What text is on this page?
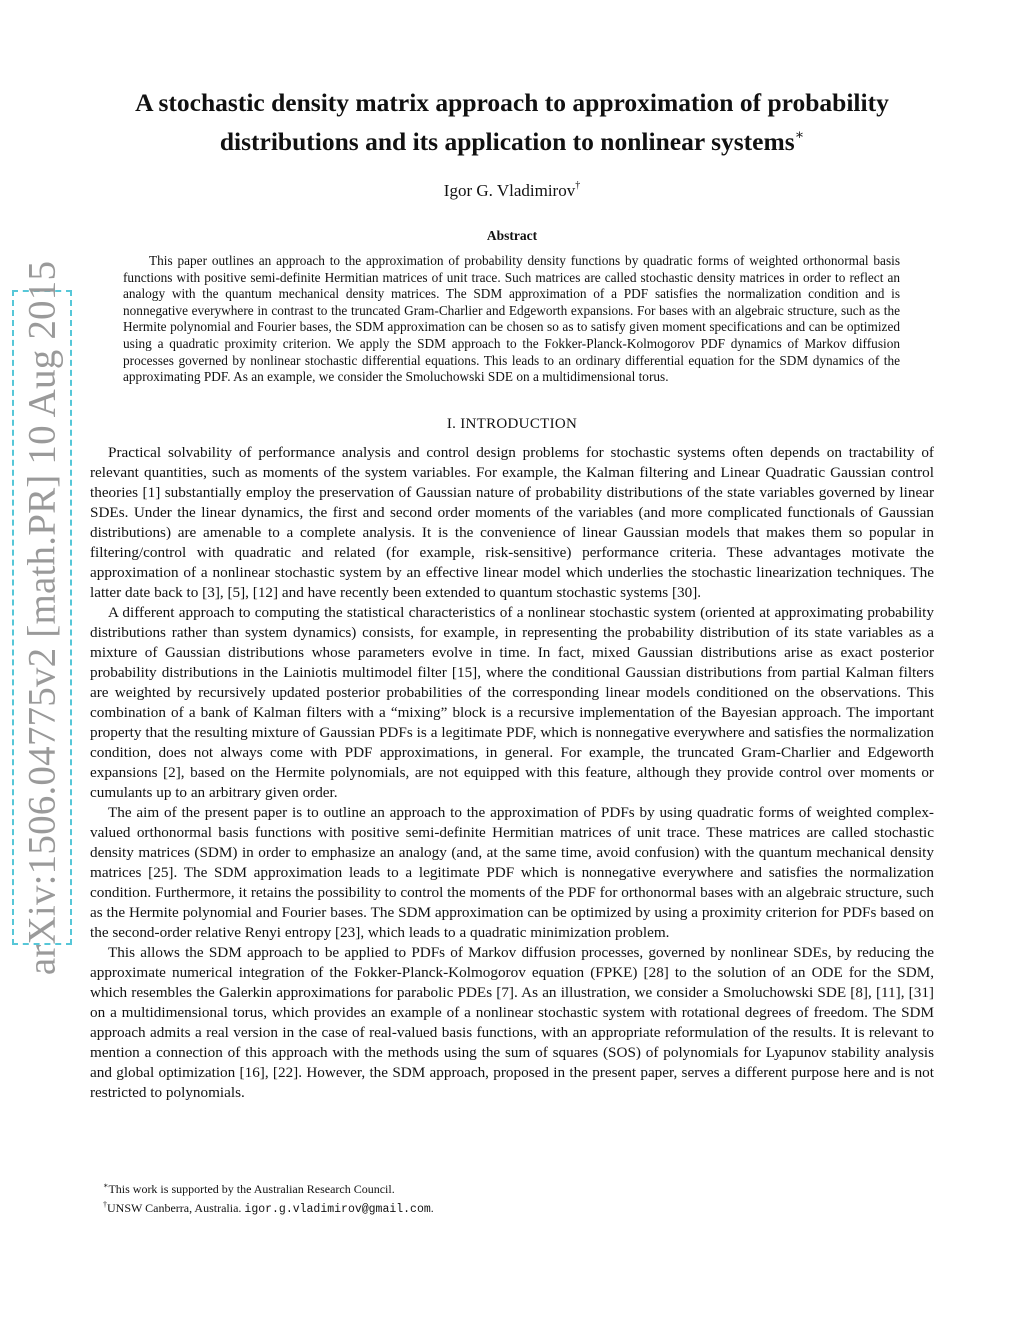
arXiv:1506.04775v2 [math.PR] 10 Aug 2015
A stochastic density matrix approach to approximation of probability distributions and its application to nonlinear systems∗
Igor G. Vladimirov†
Abstract

This paper outlines an approach to the approximation of probability density functions by quadratic forms of weighted orthonormal basis functions with positive semi-definite Hermitian matrices of unit trace. Such matrices are called stochastic density matrices in order to reflect an analogy with the quantum mechanical density matrices. The SDM approximation of a PDF satisfies the normalization condition and is nonnegative everywhere in contrast to the truncated Gram-Charlier and Edgeworth expansions. For bases with an algebraic structure, such as the Hermite polynomial and Fourier bases, the SDM approximation can be chosen so as to satisfy given moment specifications and can be optimized using a quadratic proximity criterion. We apply the SDM approach to the Fokker-Planck-Kolmogorov PDF dynamics of Markov diffusion processes governed by nonlinear stochastic differential equations. This leads to an ordinary differential equation for the SDM dynamics of the approximating PDF. As an example, we consider the Smoluchowski SDE on a multidimensional torus.

I. INTRODUCTION

Practical solvability of performance analysis and control design problems for stochastic systems often depends on tractability of relevant quantities, such as moments of the system variables. For example, the Kalman filtering and Linear Quadratic Gaussian control theories [1] substantially employ the preservation of Gaussian nature of probability distributions of the state variables governed by linear SDEs. Under the linear dynamics, the first and second order moments of the variables (and more complicated functionals of Gaussian distributions) are amenable to a complete analysis. It is the convenience of linear Gaussian models that makes them so popular in filtering/control with quadratic and related (for example, risk-sensitive) performance criteria. These advantages motivate the approximation of a nonlinear stochastic system by an effective linear model which underlies the stochastic linearization techniques. The latter date back to [3], [5], [12] and have recently been extended to quantum stochastic systems [30].

A different approach to computing the statistical characteristics of a nonlinear stochastic system (oriented at approximating probability distributions rather than system dynamics) consists, for example, in representing the probability distribution of its state variables as a mixture of Gaussian distributions whose parameters evolve in time. In fact, mixed Gaussian distributions arise as exact posterior probability distributions in the Lainiotis multimodel filter [15], where the conditional Gaussian distributions from partial Kalman filters are weighted by recursively updated posterior probabilities of the corresponding linear models conditioned on the observations. This combination of a bank of Kalman filters with a “mixing” block is a recursive implementation of the Bayesian approach. The important property that the resulting mixture of Gaussian PDFs is a legitimate PDF, which is nonnegative everywhere and satisfies the normalization condition, does not always come with PDF approximations, in general. For example, the truncated Gram-Charlier and Edgeworth expansions [2], based on the Hermite polynomials, are not equipped with this feature, although they provide control over moments or cumulants up to an arbitrary given order.

The aim of the present paper is to outline an approach to the approximation of PDFs by using quadratic forms of weighted complex-valued orthonormal basis functions with positive semi-definite Hermitian matrices of unit trace. These matrices are called stochastic density matrices (SDM) in order to emphasize an analogy (and, at the same time, avoid confusion) with the quantum mechanical density matrices [25]. The SDM approximation leads to a legitimate PDF which is nonnegative everywhere and satisfies the normalization condition. Furthermore, it retains the possibility to control the moments of the PDF for orthonormal bases with an algebraic structure, such as the Hermite polynomial and Fourier bases. The SDM approximation can be optimized by using a proximity criterion for PDFs based on the second-order relative Renyi entropy [23], which leads to a quadratic minimization problem.

This allows the SDM approach to be applied to PDFs of Markov diffusion processes, governed by nonlinear SDEs, by reducing the approximate numerical integration of the Fokker-Planck-Kolmogorov equation (FPKE) [28] to the solution of an ODE for the SDM, which resembles the Galerkin approximations for parabolic PDEs [7]. As an illustration, we consider a Smoluchowski SDE [8], [11], [31] on a multidimensional torus, which provides an example of a nonlinear stochastic system with rotational degrees of freedom. The SDM approach admits a real version in the case of real-valued basis functions, with an appropriate reformulation of the results. It is relevant to mention a connection of this approach with the methods using the sum of squares (SOS) of polynomials for Lyapunov stability analysis and global optimization [16], [22]. However, the SDM approach, proposed in the present paper, serves a different purpose here and is not restricted to polynomials.

∗This work is supported by the Australian Research Council.

†UNSW Canberra, Australia. igor.g.vladimirov@gmail.com.
